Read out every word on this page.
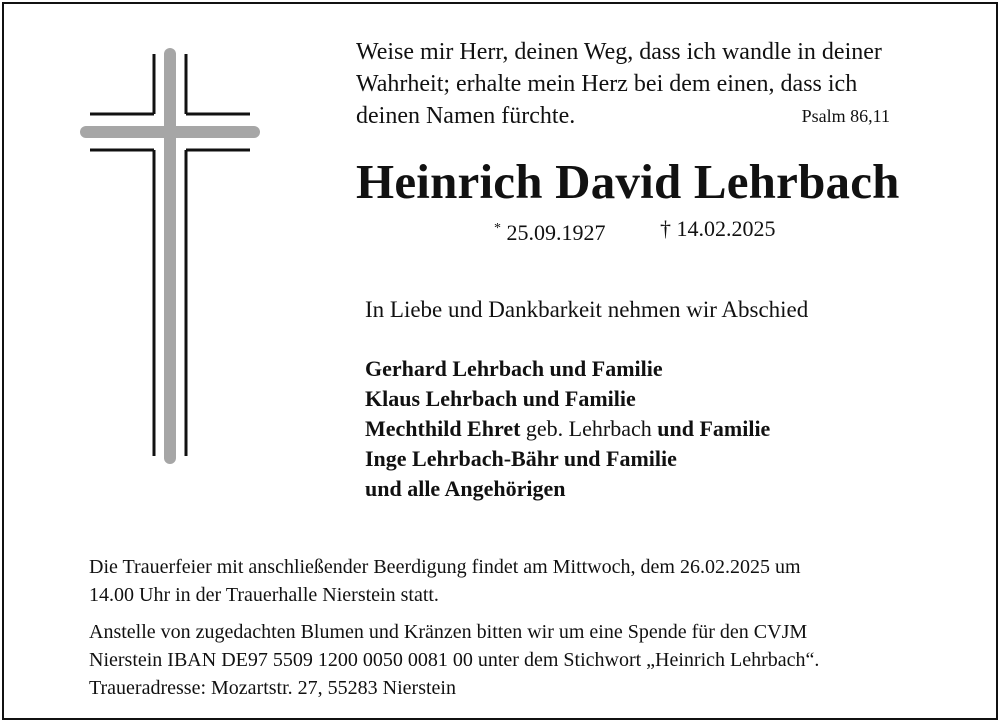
Weise mir Herr, deinen Weg, dass ich wandle in deiner
Wahrheit; erhalte mein Herz bei dem einen, dass ich
deinen Namen fürchte.	Psalm 86,11
Heinrich David Lehrbach
* 25.09.1927 † 14.02.2025
In Liebe und Dankbarkeit nehmen wir Abschied
Gerhard Lehrbach und Familie
Klaus Lehrbach und Familie
Mechthild Ehret geb. Lehrbach und Familie
Inge Lehrbach-Bähr und Familie
und alle Angehörigen
Die Trauerfeier mit anschließender Beerdigung findet am Mittwoch, dem 26.02.2025 um
14.00 Uhr in der Trauerhalle Nierstein statt.
Anstelle von zugedachten Blumen und Kränzen bitten wir um eine Spende für den CVJM
Nierstein IBAN DE97 5509 1200 0050 0081 00 unter dem Stichwort „Heinrich Lehrbach“.
Traueradresse: Mozartstr. 27, 55283 Nierstein
